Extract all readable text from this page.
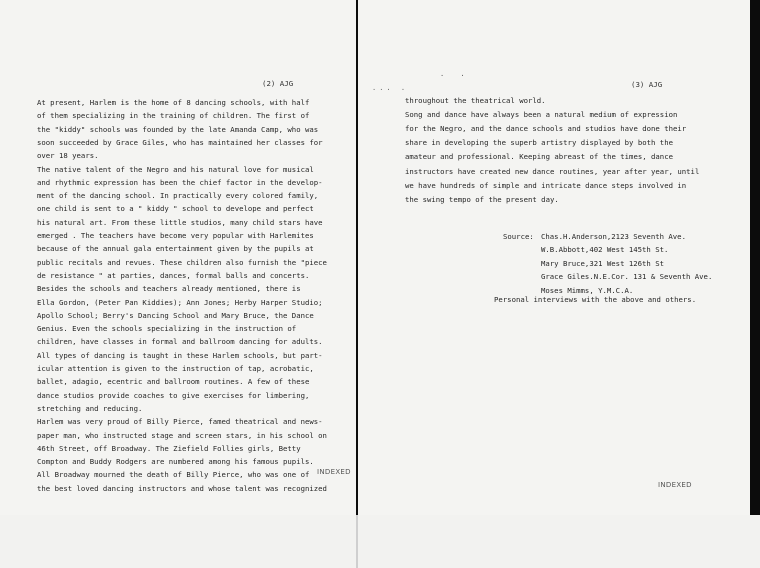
(2) AJG	(3) AJG
· ·
··· ·
At present, Harlem is the home of 8 dancing schools, with half
of them specializing in the training of children. The first of
the "kiddy" schools was founded by the late Amanda Camp, who was
soon succeeded by Grace Giles, who has maintained her classes for
over 18 years.
The native talent of the Negro and his natural love for musical
and rhythmic expression has been the chief factor in the develop-
ment of the dancing school. In practically every colored family,
one child is sent to a " kiddy " school to develope and perfect
his natural art. From these little studios, many child stars have
emerged . The teachers have become very popular with Harlemites
because of the annual gala entertainment given by the pupils at
public recitals and revues. These children also furnish the "piece
de resistance " at parties, dances, formal balls and concerts.
Besides the schools and teachers already mentioned, there is
Ella Gordon, (Peter Pan Kiddies); Ann Jones; Herby Harper Studio;
Apollo School; Berry's Dancing School and Mary Bruce, the Dance
Genius. Even the schools specializing in the instruction of
children, have classes in formal and ballroom dancing for adults.
All types of dancing is taught in these Harlem schools, but part-
icular attention is given to the instruction of tap, acrobatic,
ballet, adagio, ecentric and ballroom routines. A few of these
dance studios provide coaches to give exercises for limbering,
stretching and reducing.
Harlem was very proud of Billy Pierce, famed theatrical and news-
paper man, who instructed stage and screen stars, in his school on
46th Street, off Broadway. The Ziefield Follies girls, Betty
Compton and Buddy Rodgers are numbered among his famous pupils.
All Broadway mourned the death of Billy Pierce, who was one of
the best loved dancing instructors and whose talent was recognized
throughout the theatrical world.
Song and dance have always been a natural medium of expression
for the Negro, and the dance schools and studios have done their
share in developing the superb artistry displayed by both the
amateur and professional. Keeping abreast of the times, dance
instructors have created new dance routines, year after year, until
we have hundreds of simple and intricate dance steps involved in
the swing tempo of the present day.
Source: Chas.H.Anderson,2123 Seventh Ave.
W.B.Abbott,402 West 145th St.
Mary Bruce,321 West 126th St
Grace Giles.N.E.Cor. 131 & Seventh Ave.
Moses Mimms, Y.M.C.A.
Personal interviews with the above and others.
INDEXED
INDEXED
